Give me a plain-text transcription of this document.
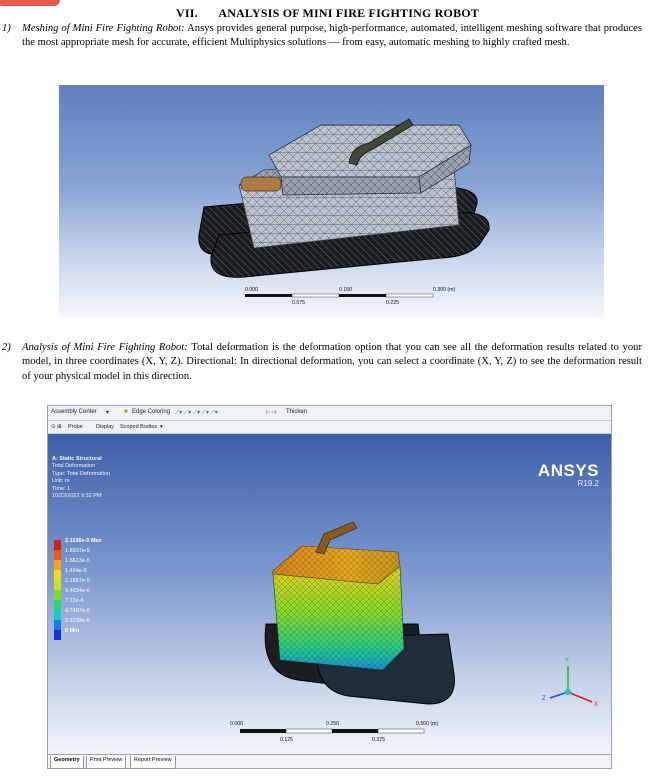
VII. ANALYSIS OF MINI FIRE FIGHTING ROBOT
1) Meshing of Mini Fire Fighting Robot: Ansys provides general purpose, high-performance, automated, intelligent meshing software that produces the most appropriate mesh for accurate, efficient Multiphysics solutions — from easy, automatic meshing to highly crafted mesh.
0.000	0.150	0.300 (m)
0.075	0.225
2) Analysis of Mini Fire Fighting Robot: Total deformation is the deformation option that you can see all the deformation results related to your model, in three coordinates (X, Y, Z). Directional: In directional deformation, you can select a coordinate (X, Y, Z) to see the deformation result of your physical model in this direction.
Assembly Center ▾ ■ Edge Coloring ⟋▾ ⟋▾ ⟋▾ ⟋▾ ⟋▾	⊢⊣ Thicken
⊙ ⊞ Probe Display Scoped Bodies ▾
A: Static Structural
Total Deformation
Type: Total Deformation
Unit: m
Time: 1
10/23/2022 9:32 PM
2.1136e-5 Max
1.8907e-5
1.6613e-5
1.424e-5
1.1867e-5
9.4934e-6
7.12e-6
4.7467e-6
2.3733e-6
0 Min
ANSYS
R19.2
Y
X
Z
0.000	0.250	0.500 (m)
0.125	0.375
Geometry	Print Preview	Report Preview
